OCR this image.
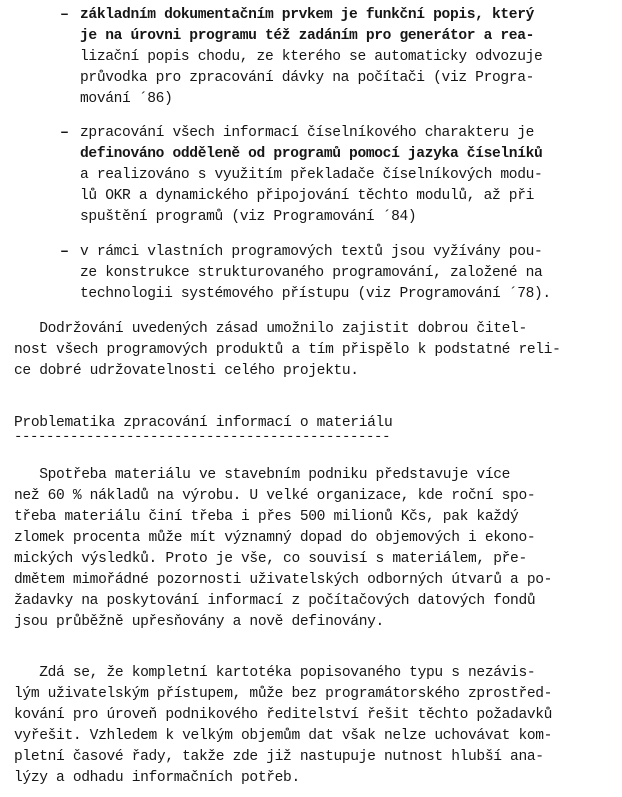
– základním dokumentačním prvkem je funkční popis, který

je na úrovni programu též zadáním pro generátor a rea-

lizační popis chodu, ze kterého se automaticky odvozuje

průvodka pro zpracování dávky na počítači (viz Progra-

mování ´86)

– zpracování všech informací číselníkového charakteru je

definováno odděleně od programů pomocí jazyka číselníků

a realizováno s využitím překladače číselníkových modu-

lů OKR a dynamického připojování těchto modulů, až při

spuštění programů (viz Programování ´84)

– v rámci vlastních programových textů jsou vyžívány pou-

ze konstrukce strukturovaného programování, založené na

technologii systémového přístupu (viz Programování ´78).

Dodržování uvedených zásad umožnilo zajistit dobrou čitel-

nost všech programových produktů a tím přispělo k podstatné reli-

ce dobré udržovatelnosti celého projektu.

Problematika zpracování informací o materiálu

-----------------------------------------------

Spotřeba materiálu ve stavebním podniku představuje více

než 60 % nákladů na výrobu. U velké organizace, kde roční spo-

třeba materiálu činí třeba i přes 500 milionů Kčs, pak každý

zlomek procenta může mít významný dopad do objemových i ekono-

mických výsledků. Proto je vše, co souvisí s materiálem, pře-

dmětem mimořádné pozornosti uživatelských odborných útvarů a po-

žadavky na poskytování informací z počítačových datových fondů

jsou průběžně upřesňovány a nově definovány.

Zdá se, že kompletní kartotéka popisovaného typu s nezávis-

lým uživatelským přístupem, může bez programátorského zprostřed-

kování pro úroveň podnikového ředitelství řešit těchto požadavků

vyřešit. Vzhledem k velkým objemům dat však nelze uchovávat kom-

pletní časové řady, takže zde již nastupuje nutnost hlubší ana-

lýzy a odhadu informačních potřeb.
